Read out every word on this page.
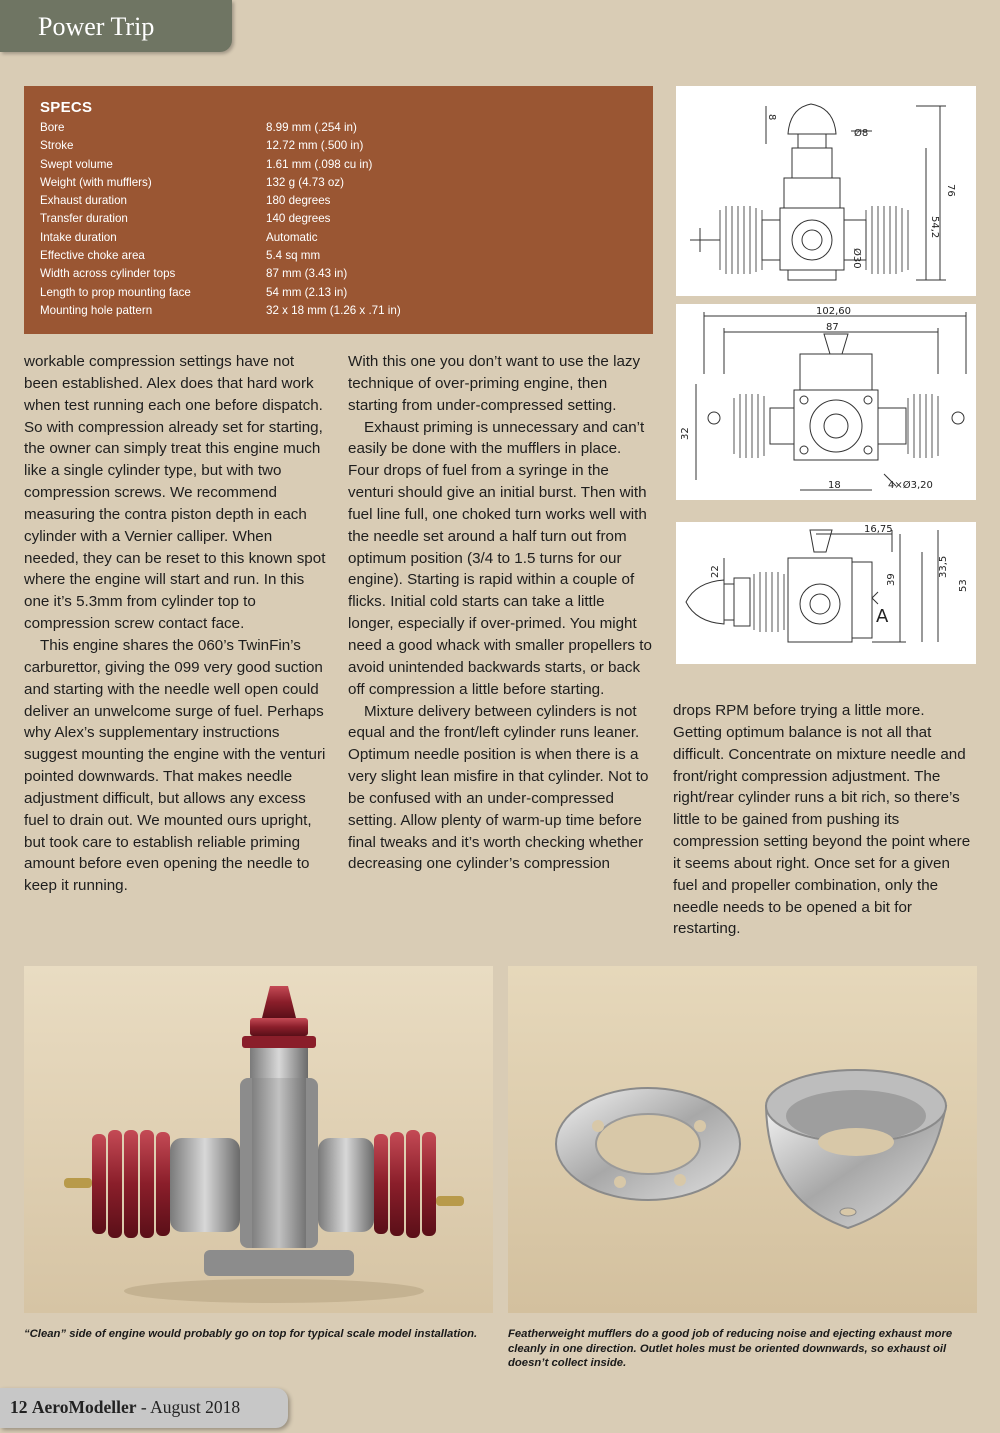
Power Trip
SPECS
Bore	8.99 mm (.254 in)
Stroke	12.72 mm (.500 in)
Swept volume	1.61 mm (.098 cu in)
Weight (with mufflers)	132 g (4.73 oz)
Exhaust duration	180 degrees
Transfer duration	140 degrees
Intake duration	Automatic
Effective choke area	5.4 sq mm
Width across cylinder tops	87 mm (3.43 in)
Length to prop mounting face	54 mm (2.13 in)
Mounting hole pattern	32 x 18 mm (1.26 x .71 in)
8
Ø8
76
54,2
Ø30
102,60
87
32
18	4×Ø3,20
16,75
22
39
33,5
53
A

workable compression settings have not been established. Alex does that hard work when test running each one before dispatch. So with compression already set for starting, the owner can simply treat this engine much like a single cylinder type, but with two compression screws. We recommend measuring the contra piston depth in each cylinder with a Vernier calliper. When needed, they can be reset to this known spot where the engine will start and run. In this one it’s 5.3mm from cylinder top to compression screw contact face.

This engine shares the 060’s TwinFin’s carburettor, giving the 099 very good suction and starting with the needle well open could deliver an unwelcome surge of fuel. Perhaps why Alex’s supplementary instructions suggest mounting the engine with the venturi pointed downwards. That makes needle adjustment difficult, but allows any excess fuel to drain out. We mounted ours upright, but took care to establish reliable priming amount before even opening the needle to keep it running.

With this one you don’t want to use the lazy technique of over-priming engine, then starting from under-compressed setting.

Exhaust priming is unnecessary and can’t easily be done with the mufflers in place. Four drops of fuel from a syringe in the venturi should give an initial burst. Then with fuel line full, one choked turn works well with the needle set around a half turn out from optimum position (3/4 to 1.5 turns for our engine). Starting is rapid within a couple of flicks. Initial cold starts can take a little longer, especially if over-primed. You might need a good whack with smaller propellers to avoid unintended backwards starts, or back off compression a little before starting.

Mixture delivery between cylinders is not equal and the front/left cylinder runs leaner. Optimum needle position is when there is a very slight lean misfire in that cylinder. Not to be confused with an under-compressed setting. Allow plenty of warm-up time before final tweaks and it’s worth checking whether decreasing one cylinder’s compression

drops RPM before trying a little more. Getting optimum balance is not all that difficult. Concentrate on mixture needle and front/right compression adjustment. The right/rear cylinder runs a bit rich, so there’s little to be gained from pushing its compression setting beyond the point where it seems about right. Once set for a given fuel and propeller combination, only the needle needs to be opened a bit for restarting.

“Clean” side of engine would probably go on top for typical scale model installation.	Featherweight mufflers do a good job of reducing noise and ejecting exhaust more cleanly in one direction. Outlet holes must be oriented downwards, so exhaust oil doesn’t collect inside.
12 AeroModeller - August 2018
